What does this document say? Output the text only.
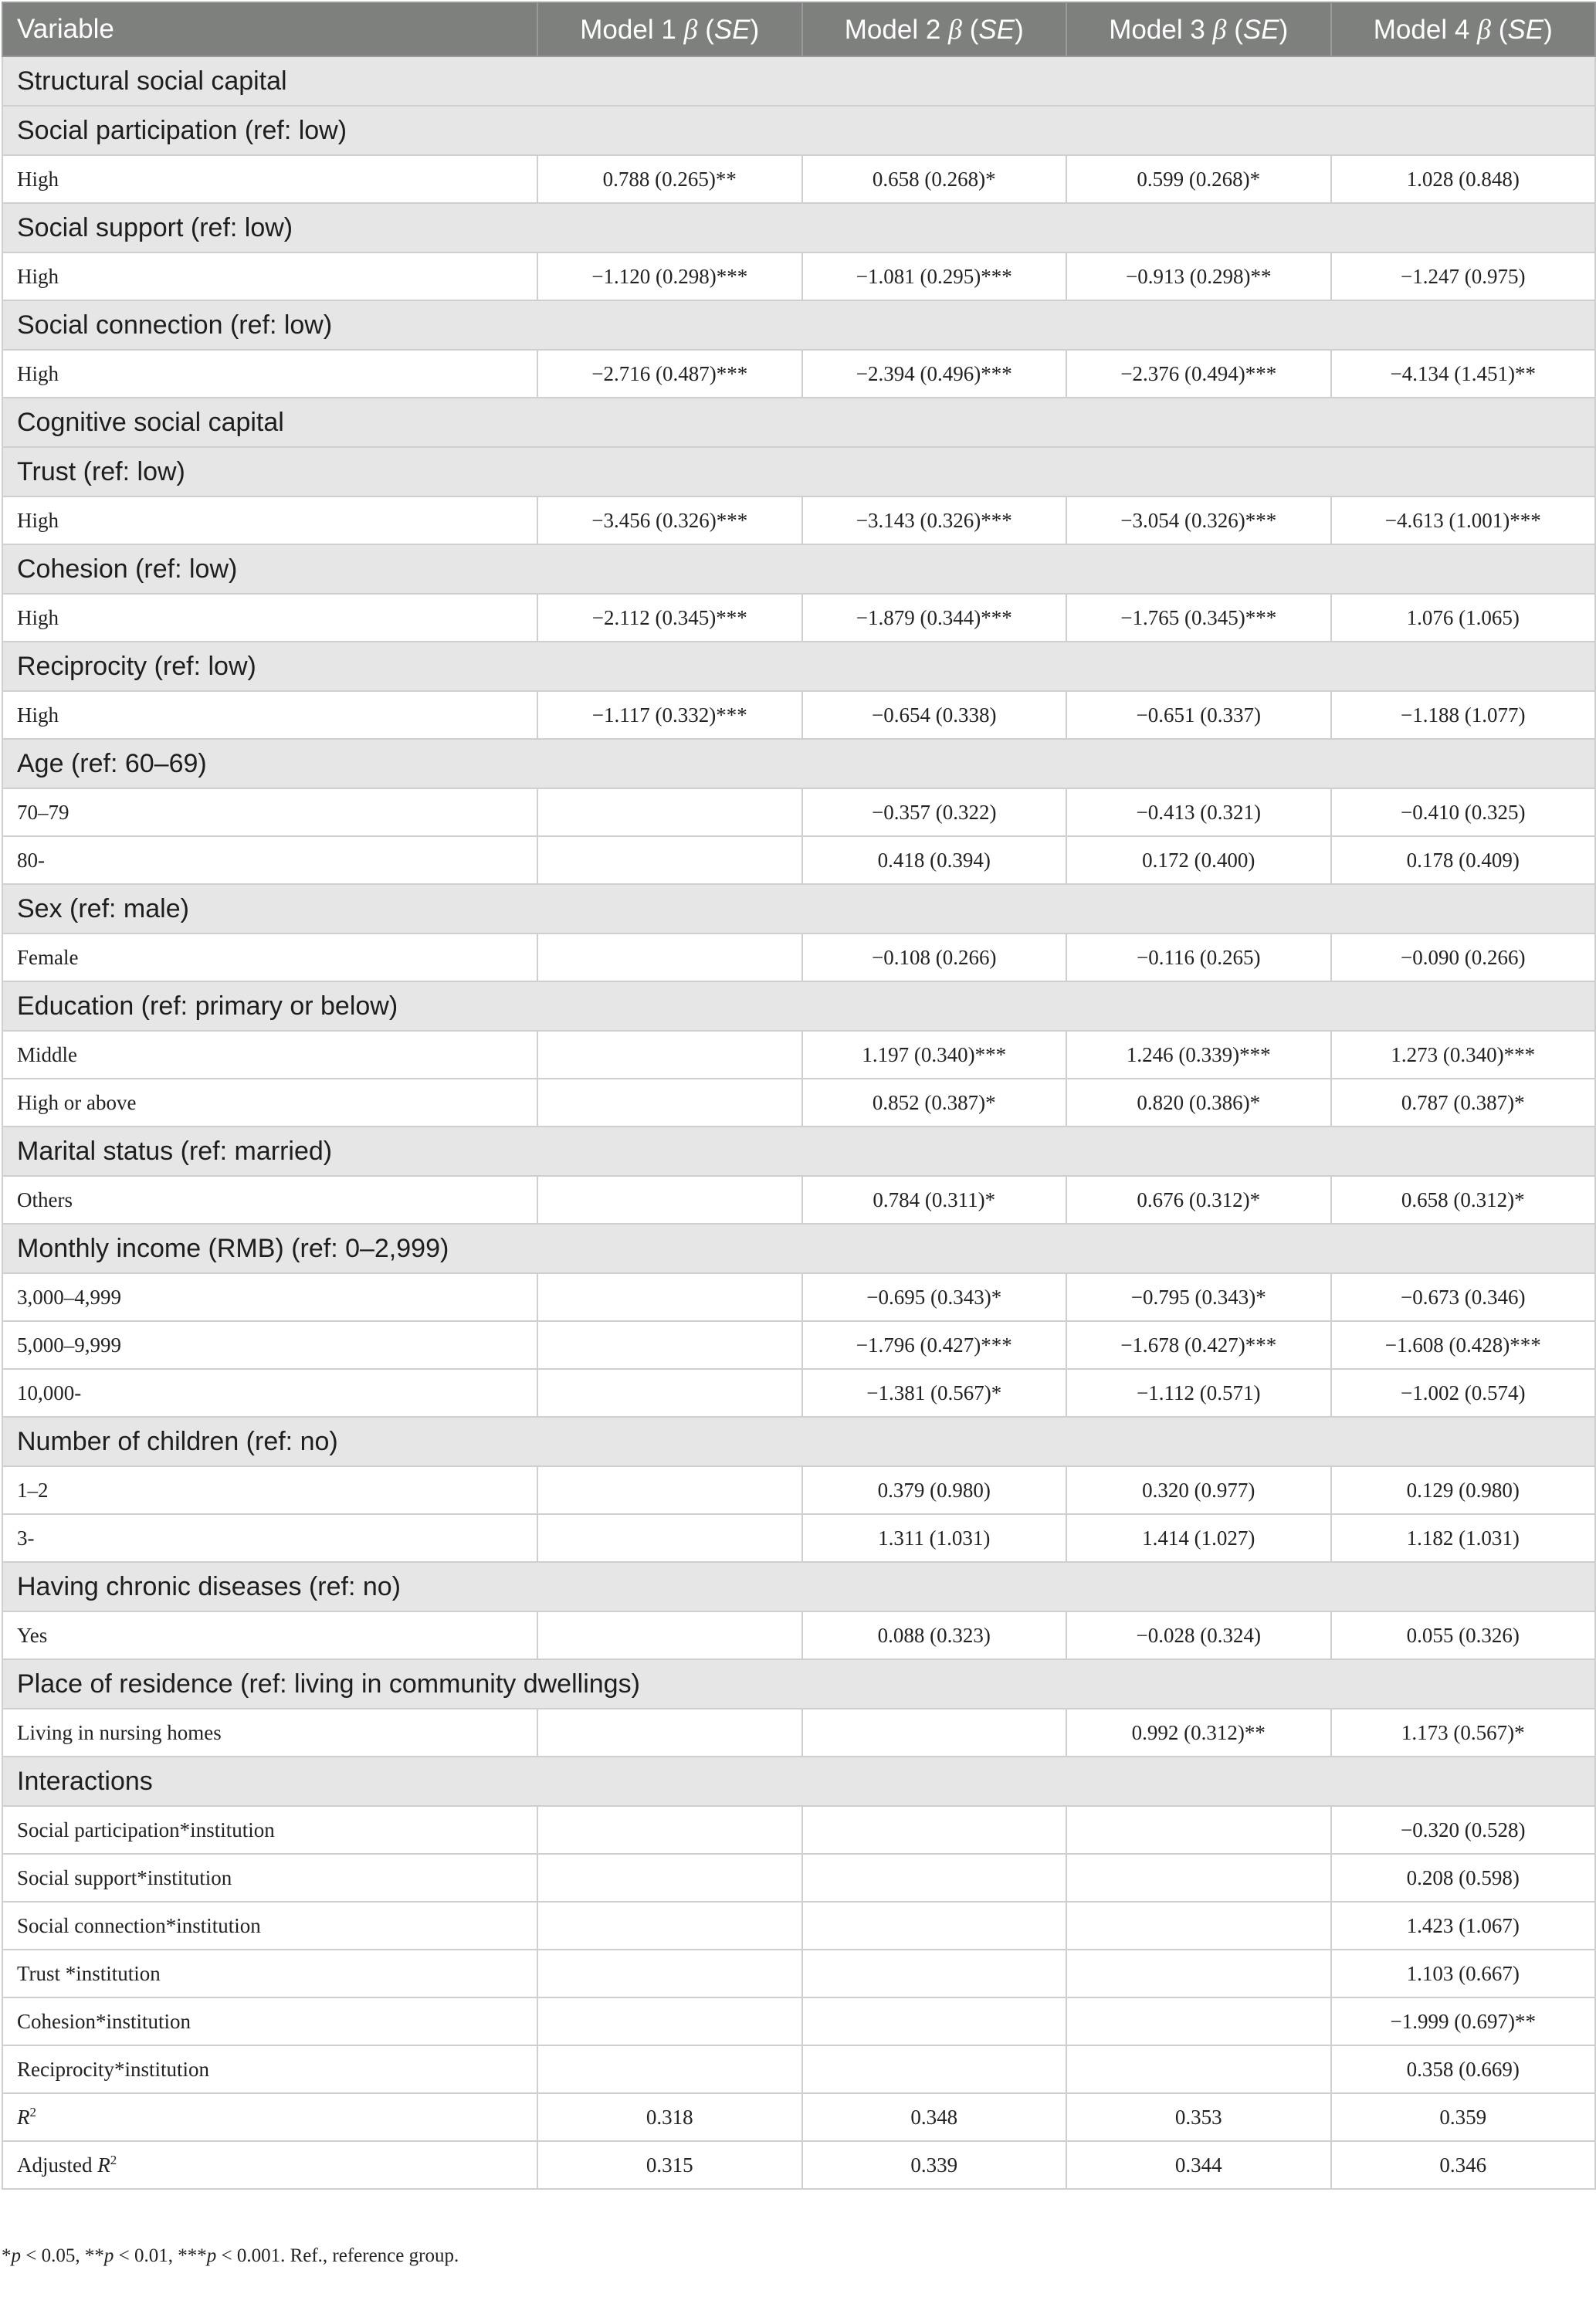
Variable	Model 1 β (SE)	Model 2 β (SE)	Model 3 β (SE)	Model 4 β (SE)
Structural social capital				
Social participation (ref: low)				
High	0.788 (0.265)**	0.658 (0.268)*	0.599 (0.268)*	1.028 (0.848)
Social support (ref: low)				
High	−1.120 (0.298)***	−1.081 (0.295)***	−0.913 (0.298)**	−1.247 (0.975)
Social connection (ref: low)				
High	−2.716 (0.487)***	−2.394 (0.496)***	−2.376 (0.494)***	−4.134 (1.451)**
Cognitive social capital				
Trust (ref: low)				
High	−3.456 (0.326)***	−3.143 (0.326)***	−3.054 (0.326)***	−4.613 (1.001)***
Cohesion (ref: low)				
High	−2.112 (0.345)***	−1.879 (0.344)***	−1.765 (0.345)***	1.076 (1.065)
Reciprocity (ref: low)				
High	−1.117 (0.332)***	−0.654 (0.338)	−0.651 (0.337)	−1.188 (1.077)
Age (ref: 60–69)				
70–79		−0.357 (0.322)	−0.413 (0.321)	−0.410 (0.325)
80-		0.418 (0.394)	0.172 (0.400)	0.178 (0.409)
Sex (ref: male)				
Female		−0.108 (0.266)	−0.116 (0.265)	−0.090 (0.266)
Education (ref: primary or below)				
Middle		1.197 (0.340)***	1.246 (0.339)***	1.273 (0.340)***
High or above		0.852 (0.387)*	0.820 (0.386)*	0.787 (0.387)*
Marital status (ref: married)				
Others		0.784 (0.311)*	0.676 (0.312)*	0.658 (0.312)*
Monthly income (RMB) (ref: 0–2,999)				
3,000–4,999		−0.695 (0.343)*	−0.795 (0.343)*	−0.673 (0.346)
5,000–9,999		−1.796 (0.427)***	−1.678 (0.427)***	−1.608 (0.428)***
10,000-		−1.381 (0.567)*	−1.112 (0.571)	−1.002 (0.574)
Number of children (ref: no)				
1–2		0.379 (0.980)	0.320 (0.977)	0.129 (0.980)
3-		1.311 (1.031)	1.414 (1.027)	1.182 (1.031)
Having chronic diseases (ref: no)				
Yes		0.088 (0.323)	−0.028 (0.324)	0.055 (0.326)
Place of residence (ref: living in community dwellings)				
Living in nursing homes			0.992 (0.312)**	1.173 (0.567)*
Interactions				
Social participation*institution				−0.320 (0.528)
Social support*institution				0.208 (0.598)
Social connection*institution				1.423 (1.067)
Trust *institution				1.103 (0.667)
Cohesion*institution				−1.999 (0.697)**
Reciprocity*institution				0.358 (0.669)
$R^2$	0.318	0.348	0.353	0.359
Adjusted $R^2$	0.315	0.339	0.344	0.346
*p < 0.05, **p < 0.01, ***p < 0.001. Ref., reference group.
